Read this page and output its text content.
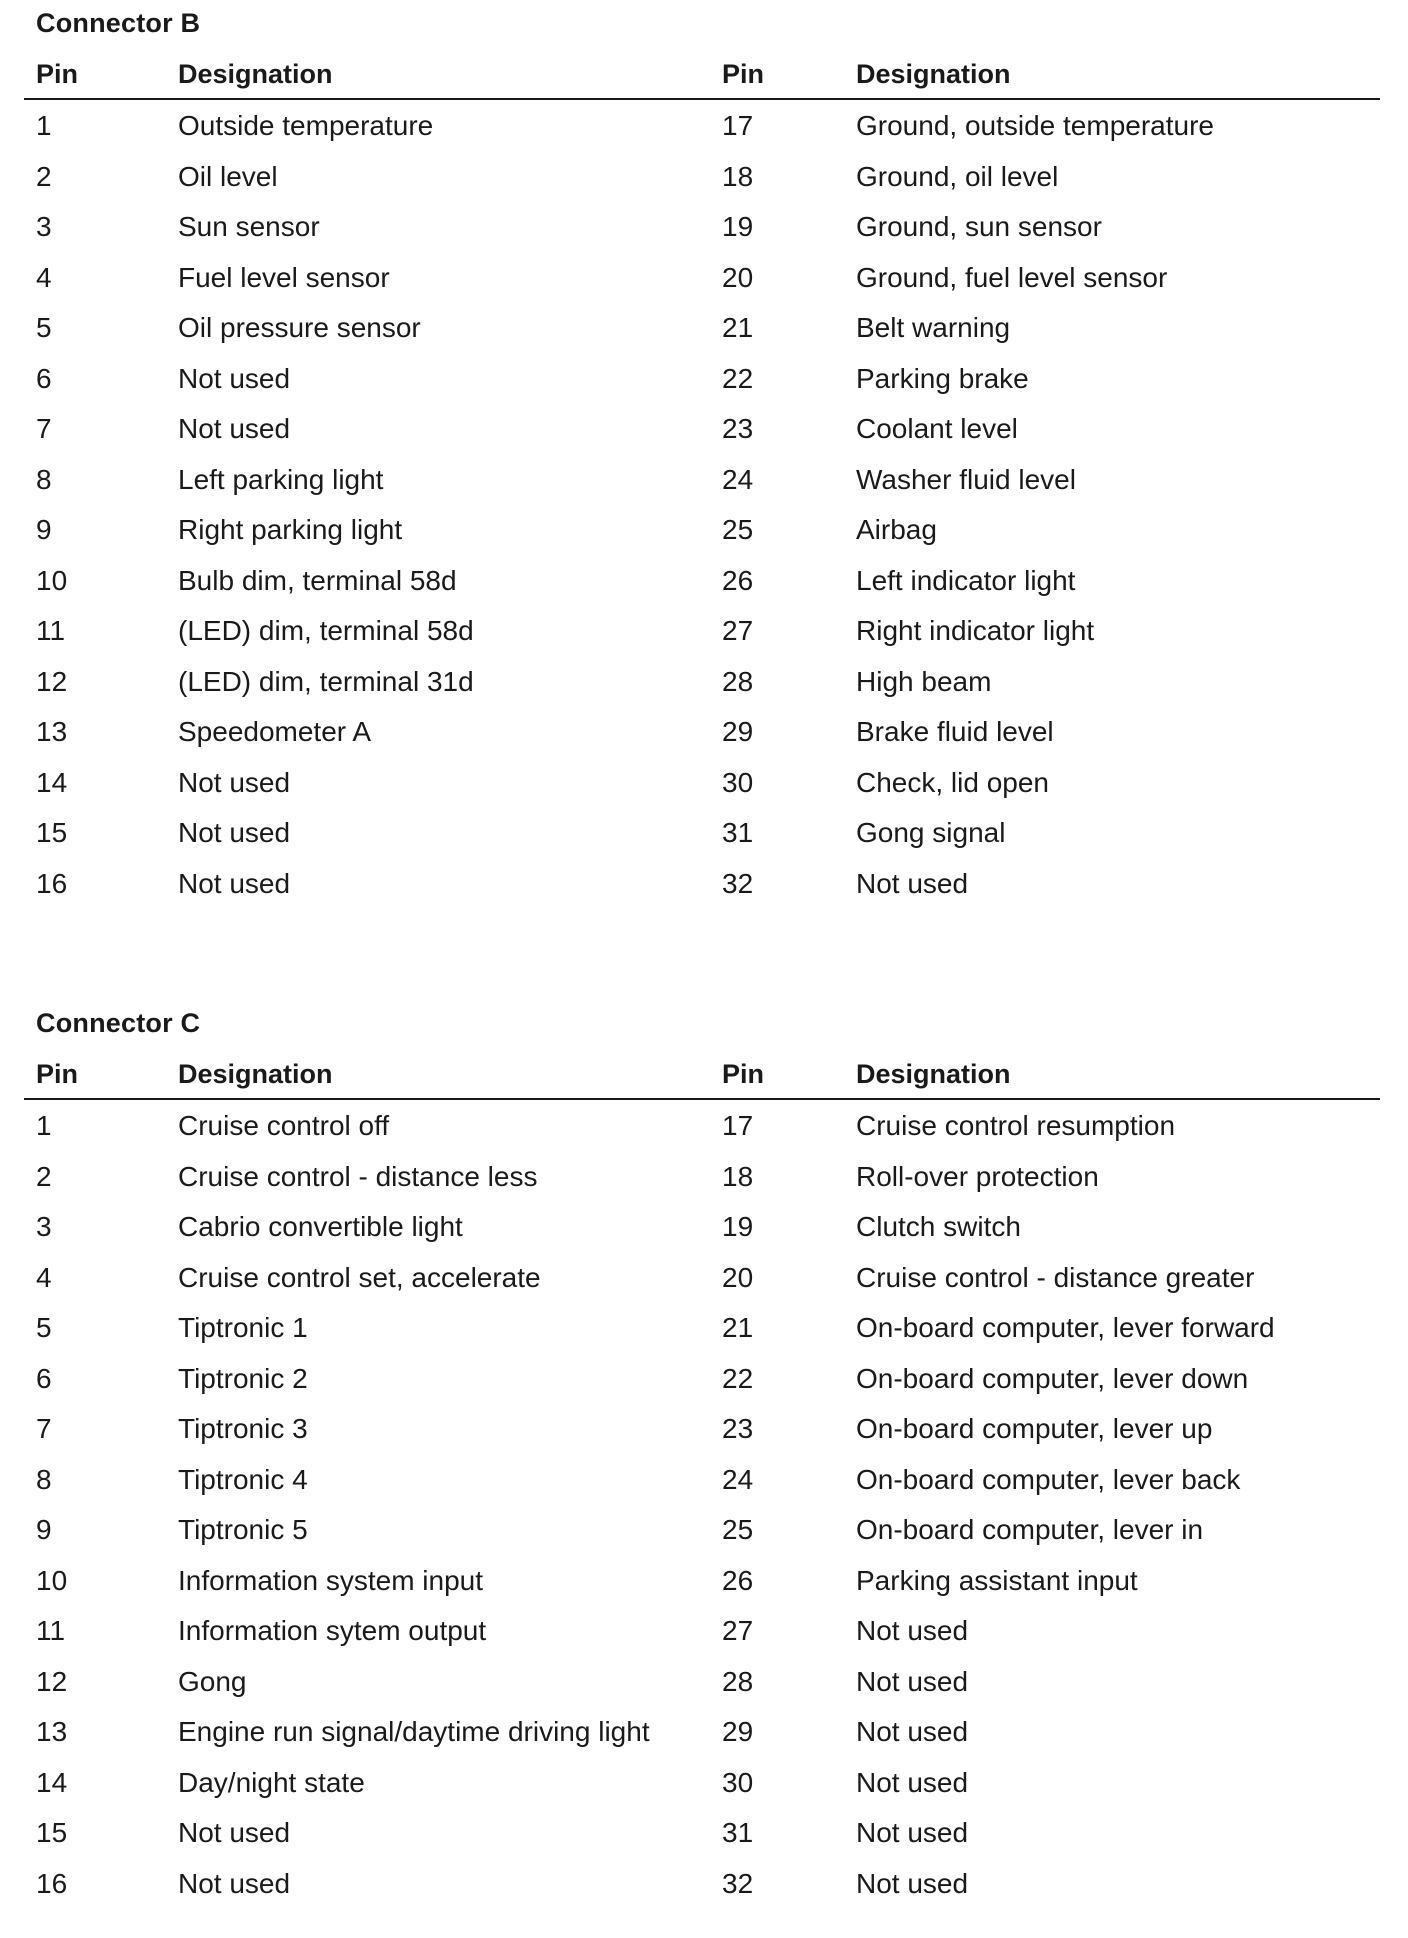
Connector B
Pin	Designation	Pin	Designation
1	Outside temperature	17	Ground, outside temperature
2	Oil level	18	Ground, oil level
3	Sun sensor	19	Ground, sun sensor
4	Fuel level sensor	20	Ground, fuel level sensor
5	Oil pressure sensor	21	Belt warning
6	Not used	22	Parking brake
7	Not used	23	Coolant level
8	Left parking light	24	Washer fluid level
9	Right parking light	25	Airbag
10	Bulb dim, terminal 58d	26	Left indicator light
11	(LED) dim, terminal 58d	27	Right indicator light
12	(LED) dim, terminal 31d	28	High beam
13	Speedometer A	29	Brake fluid level
14	Not used	30	Check, lid open
15	Not used	31	Gong signal
16	Not used	32	Not used
Connector C
Pin	Designation	Pin	Designation
1	Cruise control off	17	Cruise control resumption
2	Cruise control - distance less	18	Roll-over protection
3	Cabrio convertible light	19	Clutch switch
4	Cruise control set, accelerate	20	Cruise control - distance greater
5	Tiptronic 1	21	On-board computer, lever forward
6	Tiptronic 2	22	On-board computer, lever down
7	Tiptronic 3	23	On-board computer, lever up
8	Tiptronic 4	24	On-board computer, lever back
9	Tiptronic 5	25	On-board computer, lever in
10	Information system input	26	Parking assistant input
11	Information sytem output	27	Not used
12	Gong	28	Not used
13	Engine run signal/daytime driving light	29	Not used
14	Day/night state	30	Not used
15	Not used	31	Not used
16	Not used	32	Not used
